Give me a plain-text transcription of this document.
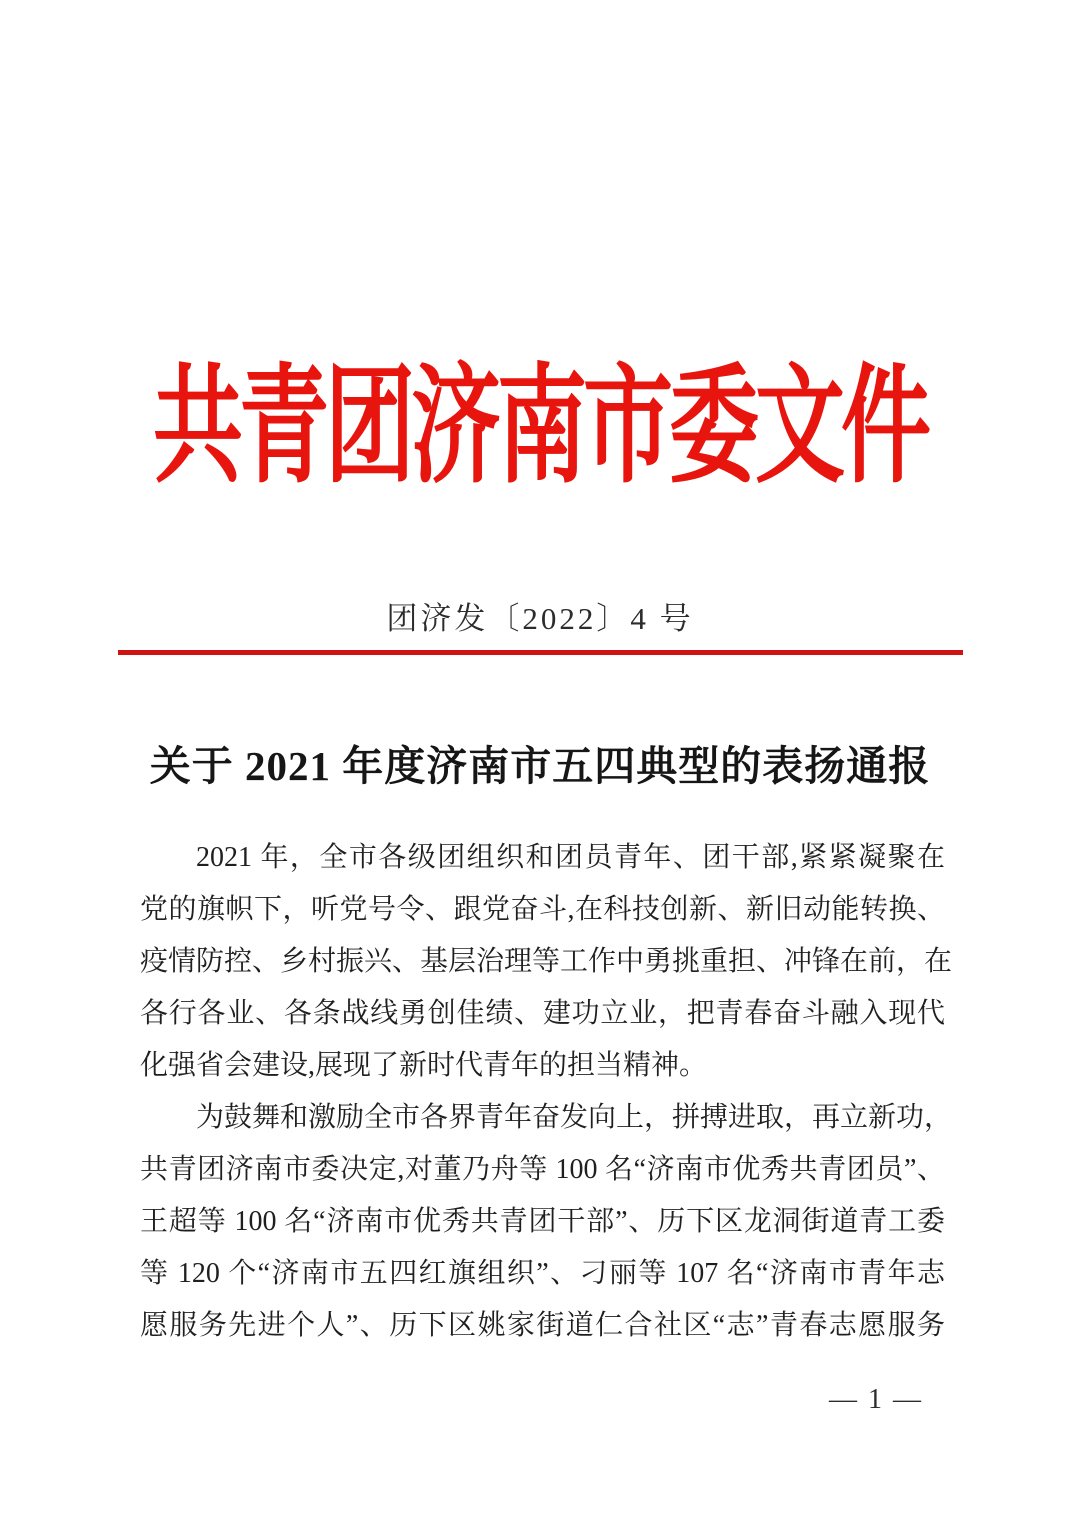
共青团济南市委文件
团济发〔2022〕4 号
关于 2021 年度济南市五四典型的表扬通报
2021 年，全市各级团组织和团员青年、团干部,紧紧凝聚在
党的旗帜下，听党号令、跟党奋斗,在科技创新、新旧动能转换、
疫情防控、乡村振兴、基层治理等工作中勇挑重担、冲锋在前，在
各行各业、各条战线勇创佳绩、建功立业，把青春奋斗融入现代
化强省会建设,展现了新时代青年的担当精神。
为鼓舞和激励全市各界青年奋发向上，拼搏进取，再立新功，
共青团济南市委决定,对董乃舟等 100 名“济南市优秀共青团员”、
王超等 100 名“济南市优秀共青团干部”、历下区龙洞街道青工委
等 120 个“济南市五四红旗组织”、刁丽等 107 名“济南市青年志
愿服务先进个人”、历下区姚家街道仁合社区“志”青春志愿服务
— 1 —
